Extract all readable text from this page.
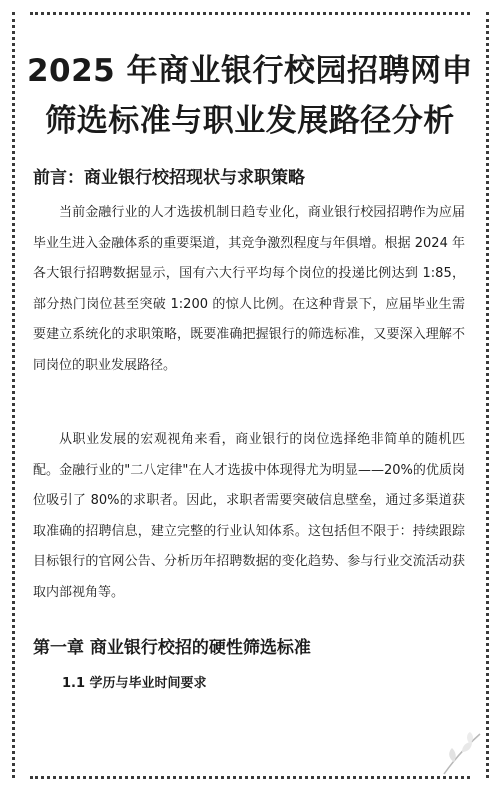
2025 年商业银行校园招聘网申筛选标准与职业发展路径分析
前言：商业银行校招现状与求职策略

当前金融行业的人才选拔机制日趋专业化，商业银行校园招聘作为应届毕业生进入金融体系的重要渠道，其竞争激烈程度与年俱增。根据 2024 年各大银行招聘数据显示，国有六大行平均每个岗位的投递比例达到 1:85，部分热门岗位甚至突破 1:200 的惊人比例。在这种背景下，应届毕业生需要建立系统化的求职策略，既要准确把握银行的筛选标准，又要深入理解不同岗位的职业发展路径。

从职业发展的宏观视角来看，商业银行的岗位选择绝非简单的随机匹配。金融行业的"二八定律"在人才选拔中体现得尤为明显——20%的优质岗位吸引了 80%的求职者。因此，求职者需要突破信息壁垒，通过多渠道获取准确的招聘信息，建立完整的行业认知体系。这包括但不限于：持续跟踪目标银行的官网公告、分析历年招聘数据的变化趋势、参与行业交流活动获取内部视角等。

第一章 商业银行校招的硬性筛选标准
1.1 学历与毕业时间要求
